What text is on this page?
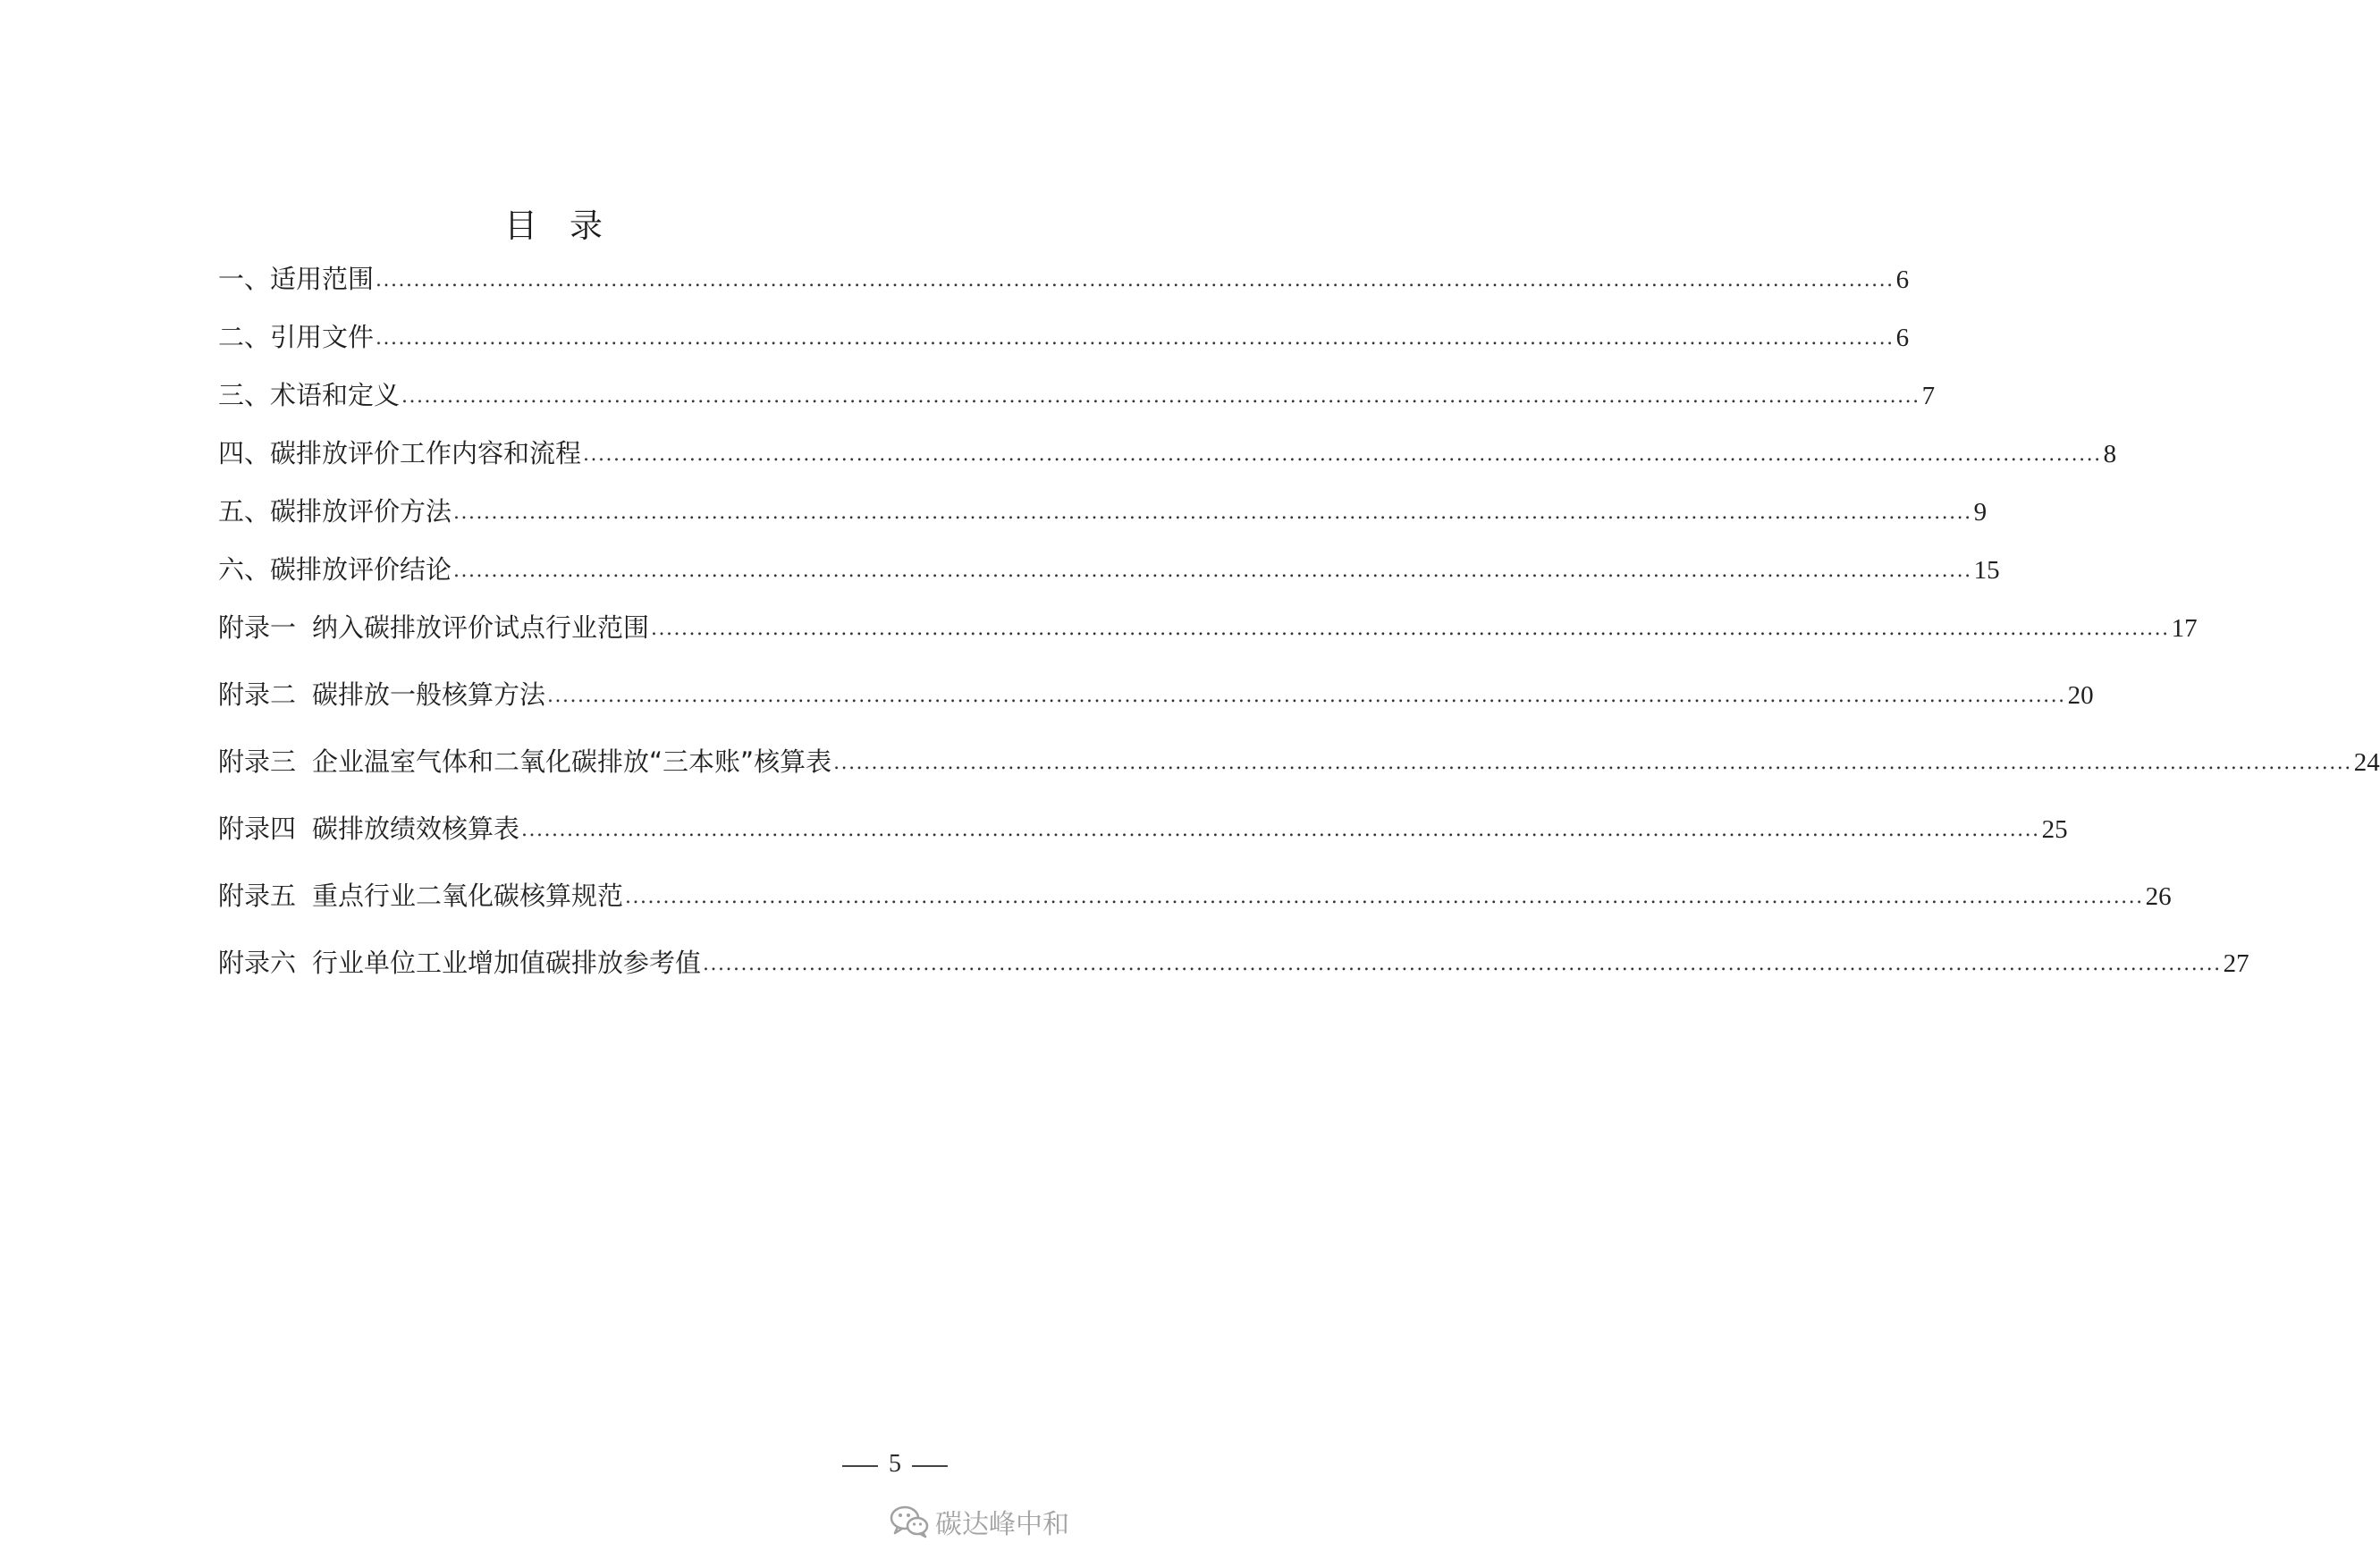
目 录
一、适用范围 ........................................................................................................................................................................................................ 6
二、引用文件 ........................................................................................................................................................................................................ 6
三、术语和定义 ........................................................................................................................................................................................................ 7
四、碳排放评价工作内容和流程 ........................................................................................................................................................................................................ 8
五、碳排放评价方法 ........................................................................................................................................................................................................ 9
六、碳排放评价结论 ........................................................................................................................................................................................................ 15
附录一 纳入碳排放评价试点行业范围 ........................................................................................................................................................................................................ 17
附录二 碳排放一般核算方法 ........................................................................................................................................................................................................ 20
附录三 企业温室气体和二氧化碳排放“三本账”核算表 ........................................................................................................................................................................................................ 24
附录四 碳排放绩效核算表 ........................................................................................................................................................................................................ 25
附录五 重点行业二氧化碳核算规范 ........................................................................................................................................................................................................ 26
附录六 行业单位工业增加值碳排放参考值 ........................................................................................................................................................................................................ 27
5
碳达峰中和
